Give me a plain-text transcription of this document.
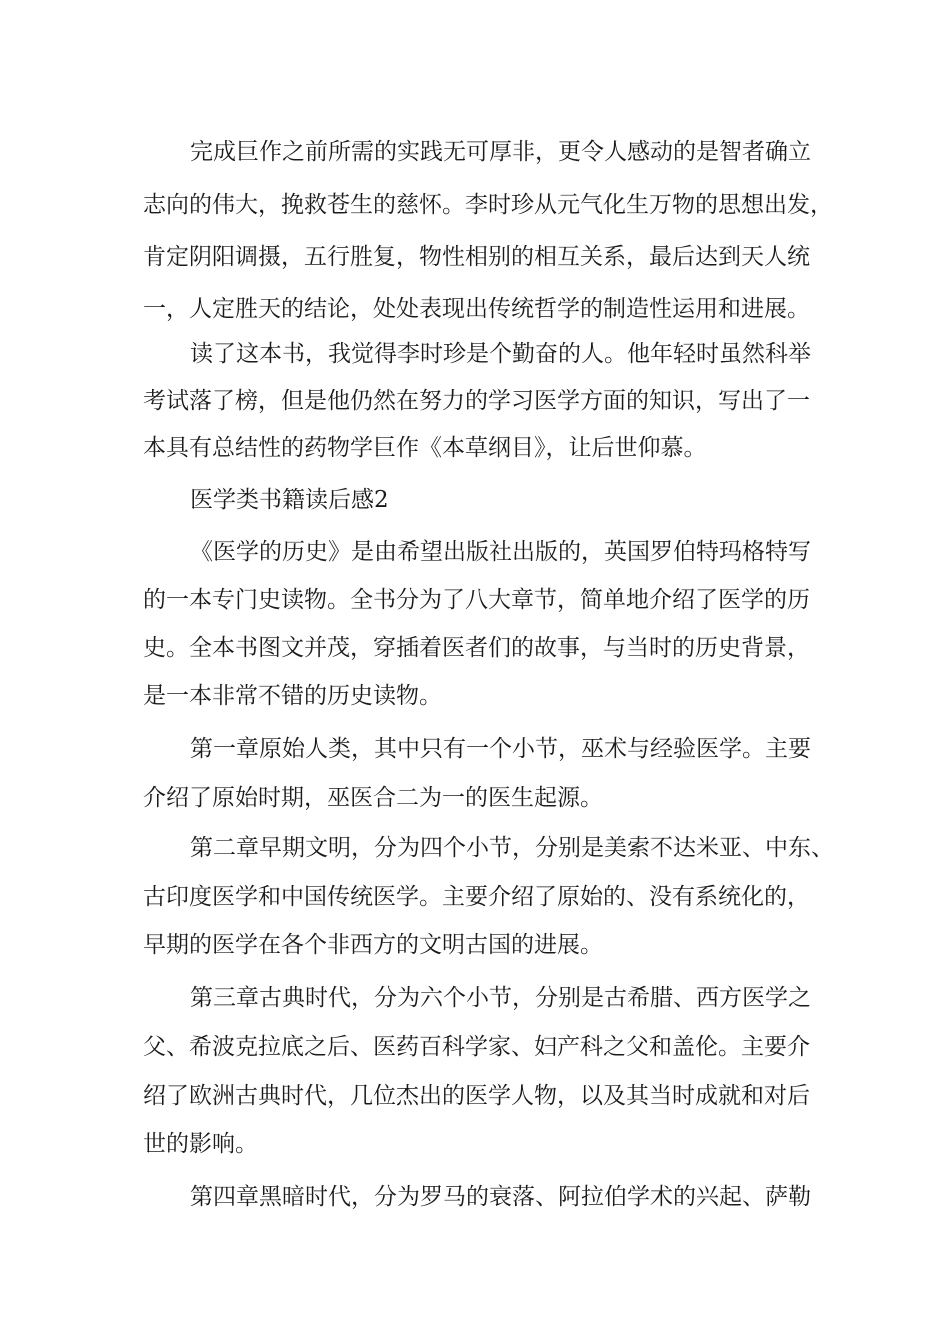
完成巨作之前所需的实践无可厚非，更令人感动的是智者确立
志向的伟大，挽救苍生的慈怀。李时珍从元气化生万物的思想出发，
肯定阴阳调摄，五行胜复，物性相别的相互关系，最后达到天人统
一，人定胜天的结论，处处表现出传统哲学的制造性运用和进展。
读了这本书，我觉得李时珍是个勤奋的人。他年轻时虽然科举
考试落了榜，但是他仍然在努力的学习医学方面的知识，写出了一
本具有总结性的药物学巨作《本草纲目》，让后世仰慕。
医学类书籍读后感2
《医学的历史》是由希望出版社出版的，英国罗伯特玛格特写
的一本专门史读物。全书分为了八大章节，简单地介绍了医学的历
史。全本书图文并茂，穿插着医者们的故事，与当时的历史背景，
是一本非常不错的历史读物。
第一章原始人类，其中只有一个小节，巫术与经验医学。主要
介绍了原始时期，巫医合二为一的医生起源。
第二章早期文明，分为四个小节，分别是美索不达米亚、中东、
古印度医学和中国传统医学。主要介绍了原始的、没有系统化的，
早期的医学在各个非西方的文明古国的进展。
第三章古典时代，分为六个小节，分别是古希腊、西方医学之
父、希波克拉底之后、医药百科学家、妇产科之父和盖伦。主要介
绍了欧洲古典时代，几位杰出的医学人物，以及其当时成就和对后
世的影响。
第四章黑暗时代，分为罗马的衰落、阿拉伯学术的兴起、萨勒
